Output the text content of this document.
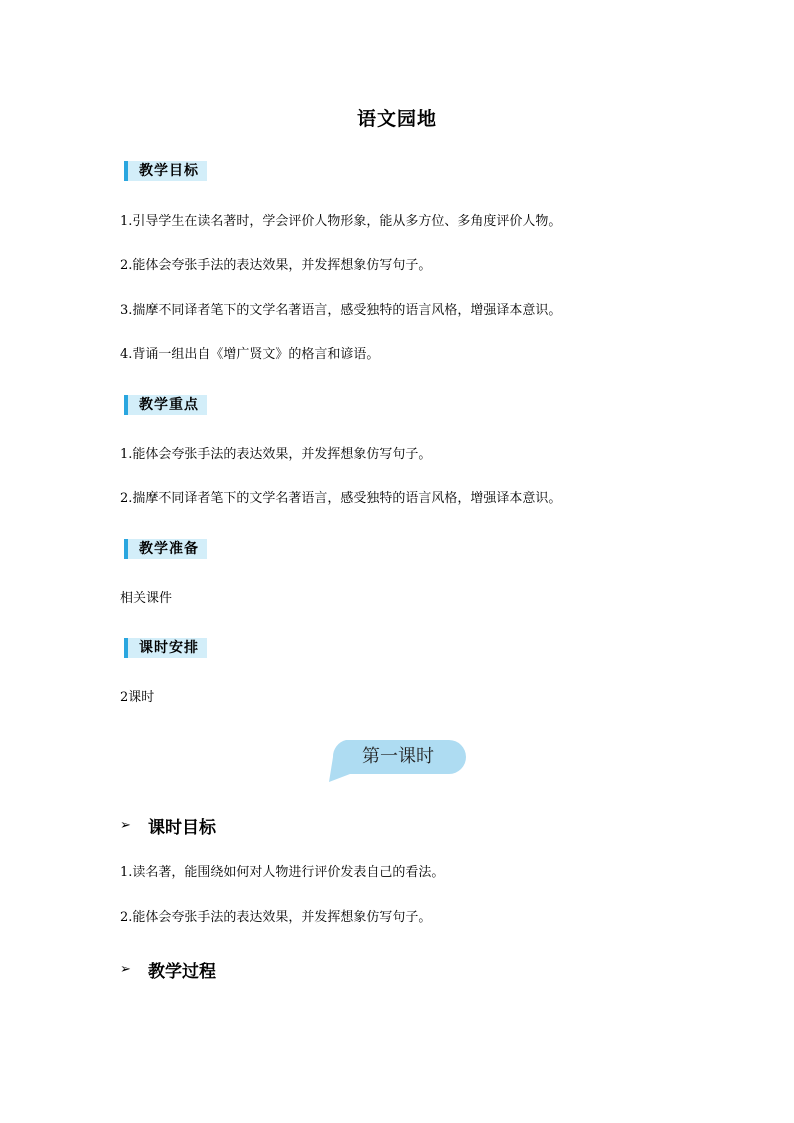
语文园地
教学目标
1.引导学生在读名著时，学会评价人物形象，能从多方位、多角度评价人物。
2.能体会夸张手法的表达效果，并发挥想象仿写句子。
3.揣摩不同译者笔下的文学名著语言，感受独特的语言风格，增强译本意识。
4.背诵一组出自《增广贤文》的格言和谚语。
教学重点
1.能体会夸张手法的表达效果，并发挥想象仿写句子。
2.揣摩不同译者笔下的文学名著语言，感受独特的语言风格，增强译本意识。
教学准备
相关课件
课时安排
2课时
第一课时
➢	课时目标
1.读名著，能围绕如何对人物进行评价发表自己的看法。
2.能体会夸张手法的表达效果，并发挥想象仿写句子。
➢	教学过程
